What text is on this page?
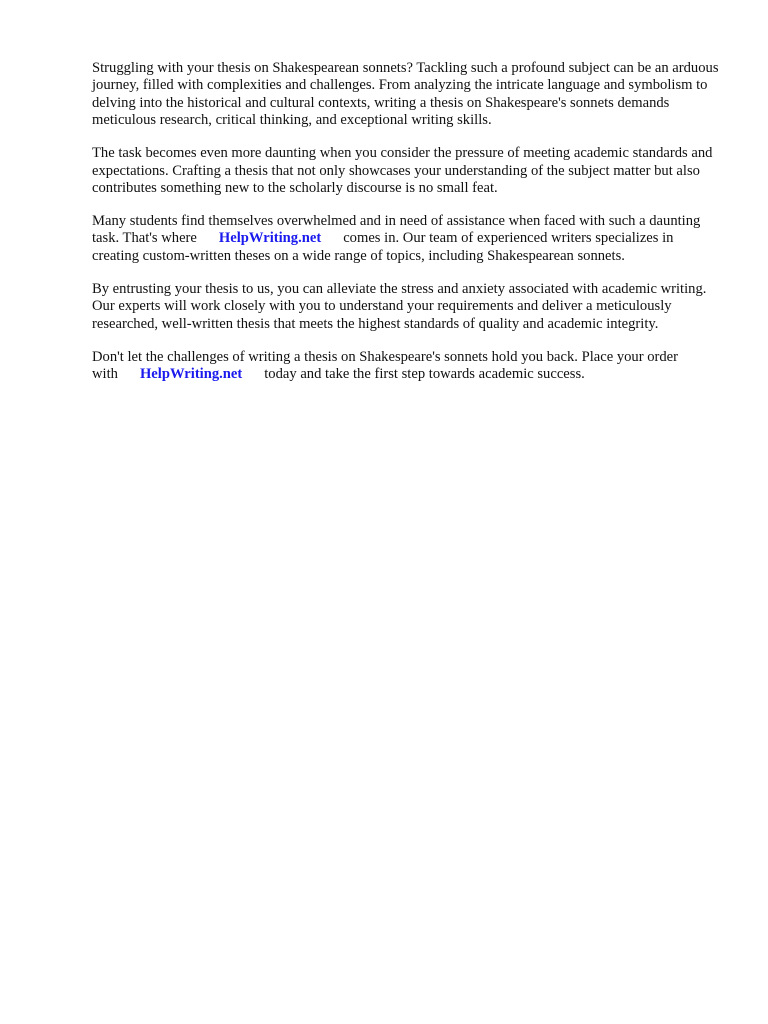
Struggling with your thesis on Shakespearean sonnets? Tackling such a profound subject can be an arduous journey, filled with complexities and challenges. From analyzing the intricate language and symbolism to delving into the historical and cultural contexts, writing a thesis on Shakespeare's sonnets demands meticulous research, critical thinking, and exceptional writing skills.

The task becomes even more daunting when you consider the pressure of meeting academic standards and expectations. Crafting a thesis that not only showcases your understanding of the subject matter but also contributes something new to the scholarly discourse is no small feat.

Many students find themselves overwhelmed and in need of assistance when faced with such a daunting task. That's where HelpWriting.net comes in. Our team of experienced writers specializes in creating custom-written theses on a wide range of topics, including Shakespearean sonnets.

By entrusting your thesis to us, you can alleviate the stress and anxiety associated with academic writing. Our experts will work closely with you to understand your requirements and deliver a meticulously researched, well-written thesis that meets the highest standards of quality and academic integrity.

Don't let the challenges of writing a thesis on Shakespeare's sonnets hold you back. Place your order with HelpWriting.net today and take the first step towards academic success.
